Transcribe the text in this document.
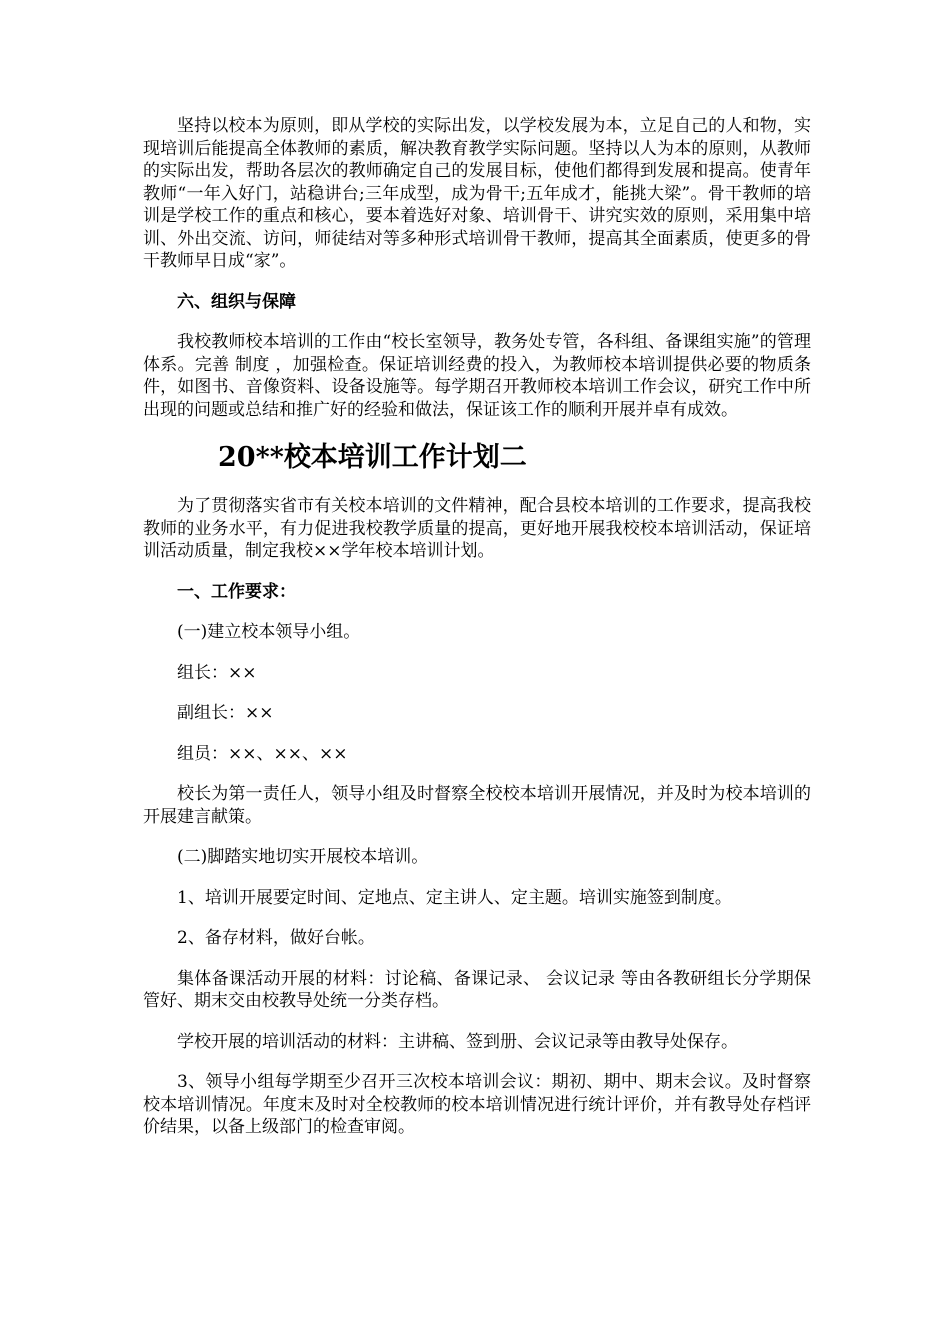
坚持以校本为原则，即从学校的实际出发，以学校发展为本，立足自己的人和物，实现培训后能提高全体教师的素质，解决教育教学实际问题。坚持以人为本的原则，从教师的实际出发，帮助各层次的教师确定自己的发展目标，使他们都得到发展和提高。使青年教师“一年入好门，站稳讲台;三年成型，成为骨干;五年成才，能挑大梁”。骨干教师的培训是学校工作的重点和核心，要本着选好对象、培训骨干、讲究实效的原则，采用集中培训、外出交流、访问，师徒结对等多种形式培训骨干教师，提高其全面素质，使更多的骨干教师早日成“家”。

六、组织与保障

我校教师校本培训的工作由“校长室领导，教务处专管，各科组、备课组实施”的管理体系。完善 制度 ，加强检查。保证培训经费的投入，为教师校本培训提供必要的物质条件，如图书、音像资料、设备设施等。每学期召开教师校本培训工作会议，研究工作中所出现的问题或总结和推广好的经验和做法，保证该工作的顺利开展并卓有成效。

20**校本培训工作计划二

为了贯彻落实省市有关校本培训的文件精神，配合县校本培训的工作要求，提高我校教师的业务水平，有力促进我校教学质量的提高，更好地开展我校校本培训活动，保证培训活动质量，制定我校××学年校本培训计划。

一、工作要求：

(一)建立校本领导小组。

组长：××

副组长：××

组员：××、××、××

校长为第一责任人，领导小组及时督察全校校本培训开展情况，并及时为校本培训的开展建言献策。

(二)脚踏实地切实开展校本培训。

1、培训开展要定时间、定地点、定主讲人、定主题。培训实施签到制度。

2、备存材料，做好台帐。

集体备课活动开展的材料：讨论稿、备课记录、 会议记录 等由各教研组长分学期保管好、期末交由校教导处统一分类存档。

学校开展的培训活动的材料：主讲稿、签到册、会议记录等由教导处保存。

3、领导小组每学期至少召开三次校本培训会议：期初、期中、期末会议。及时督察校本培训情况。年度末及时对全校教师的校本培训情况进行统计评价，并有教导处存档评价结果，以备上级部门的检查审阅。
